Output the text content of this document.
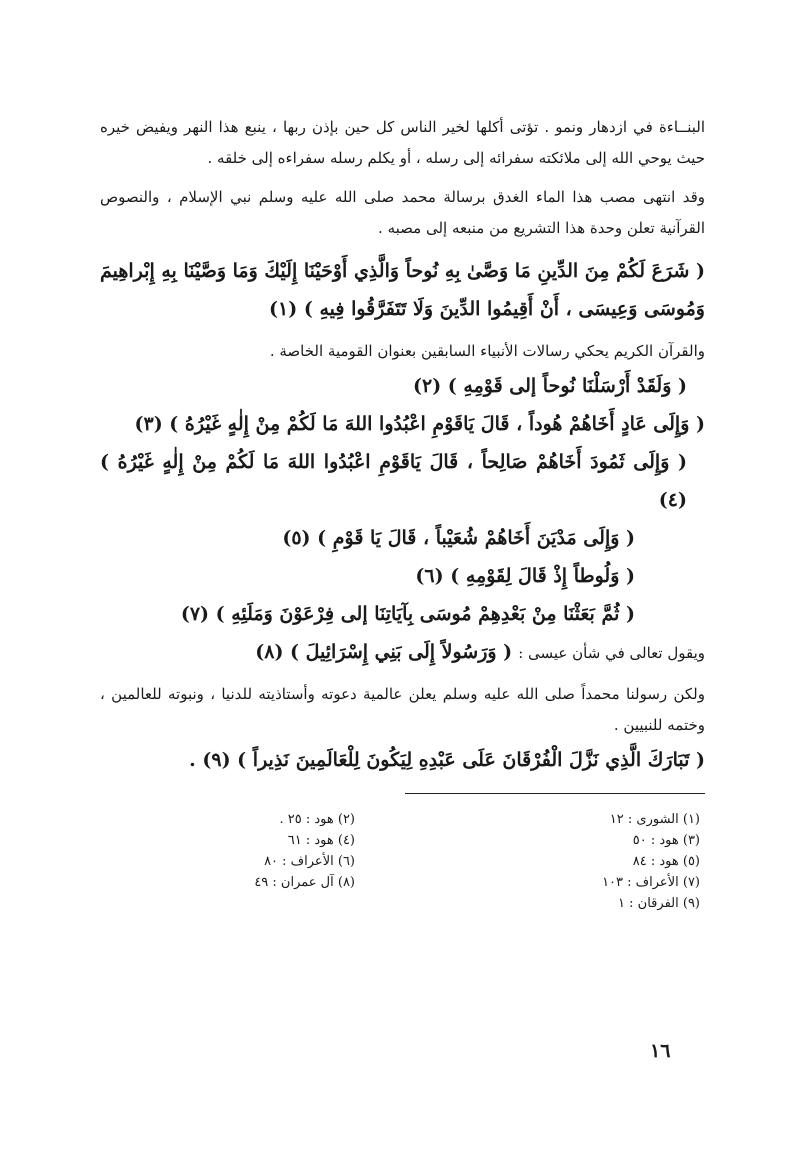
البنــاءة في ازدهار ونمو . تؤتى أكلها لخير الناس كل حين بإذن ربها ، ينبع هذا النهر ويفيض خيره حيث يوحي الله إلى ملائكته سفرائه إلى رسله ، أو يكلم رسله سفراءه إلى خلقه .

وقد انتهى مصب هذا الماء الغدق برسالة محمد صلى الله عليه وسلم نبي الإسلام ، والنصوص القرآنية تعلن وحدة هذا التشريع من منبعه إلى مصبه .

( شَرَعَ لَكُمْ مِنَ الدِّينِ مَا وَصَّىٰ بِهِ نُوحاً وَالَّذِي أَوْحَيْنَا إِلَيْكَ وَمَا وَصَّيْنَا بِهِ إِبْراهِيمَ وَمُوسَى وَعِيسَى ، أَنْ أَقِيمُوا الدِّينَ وَلَا تَتَفَرَّقُوا فِيهِ ) (١)

والقرآن الكريم يحكي رسالات الأنبياء السابقين بعنوان القومية الخاصة .

( وَلَقَدْ أَرْسَلْنَا نُوحاً إلى قَوْمِهِ ) (٢)

( وَإِلَى عَادٍ أَخَاهُمْ هُوداً ، قَالَ يَاقَوْمِ اعْبُدُوا اللهَ مَا لَكُمْ مِنْ إِلٰهٍ غَيْرُهُ ) (٣)

( وَإِلَى ثَمُودَ أَخَاهُمْ صَالِحاً ، قَالَ يَاقَوْمِ اعْبُدُوا اللهَ مَا لَكُمْ مِنْ إِلٰهٍ غَيْرُهُ ) (٤)

( وَإِلَى مَدْيَنَ أَخَاهُمْ شُعَيْباً ، قَالَ يَا قَوْمِ ) (٥)

( وَلُوطاً إِذْ قَالَ لِقَوْمِهِ ) (٦)

( ثُمَّ بَعَثْنَا مِنْ بَعْدِهِمْ مُوسَى بِآيَاتِنَا إلى فِرْعَوْنَ وَمَلَئِهِ ) (٧)

ويقول تعالى في شأن عيسى : ( وَرَسُولاً إِلَى بَنِي إِسْرَائِيلَ ) (٨)

ولكن رسولنا محمداً صلى الله عليه وسلم يعلن عالمية دعوته وأستاذيته للدنيا ، ونبوته للعالمين ، وختمه للنبيين .

( تَبَارَكَ الَّذِي نَزَّلَ الْفُرْقَانَ عَلَى عَبْدِهِ لِيَكُونَ لِلْعَالَمِينَ نَذِيراً ) (٩) .

(١) الشورى : ١٢
(٢) هود : ٢٥ .
(٣) هود : ٥٠
(٤) هود : ٦١
(٥) هود : ٨٤
(٦) الأعراف : ٨٠
(٧) الأعراف : ١٠٣
(٨) آل عمران : ٤٩
(٩) الفرقان : ١
١٦
